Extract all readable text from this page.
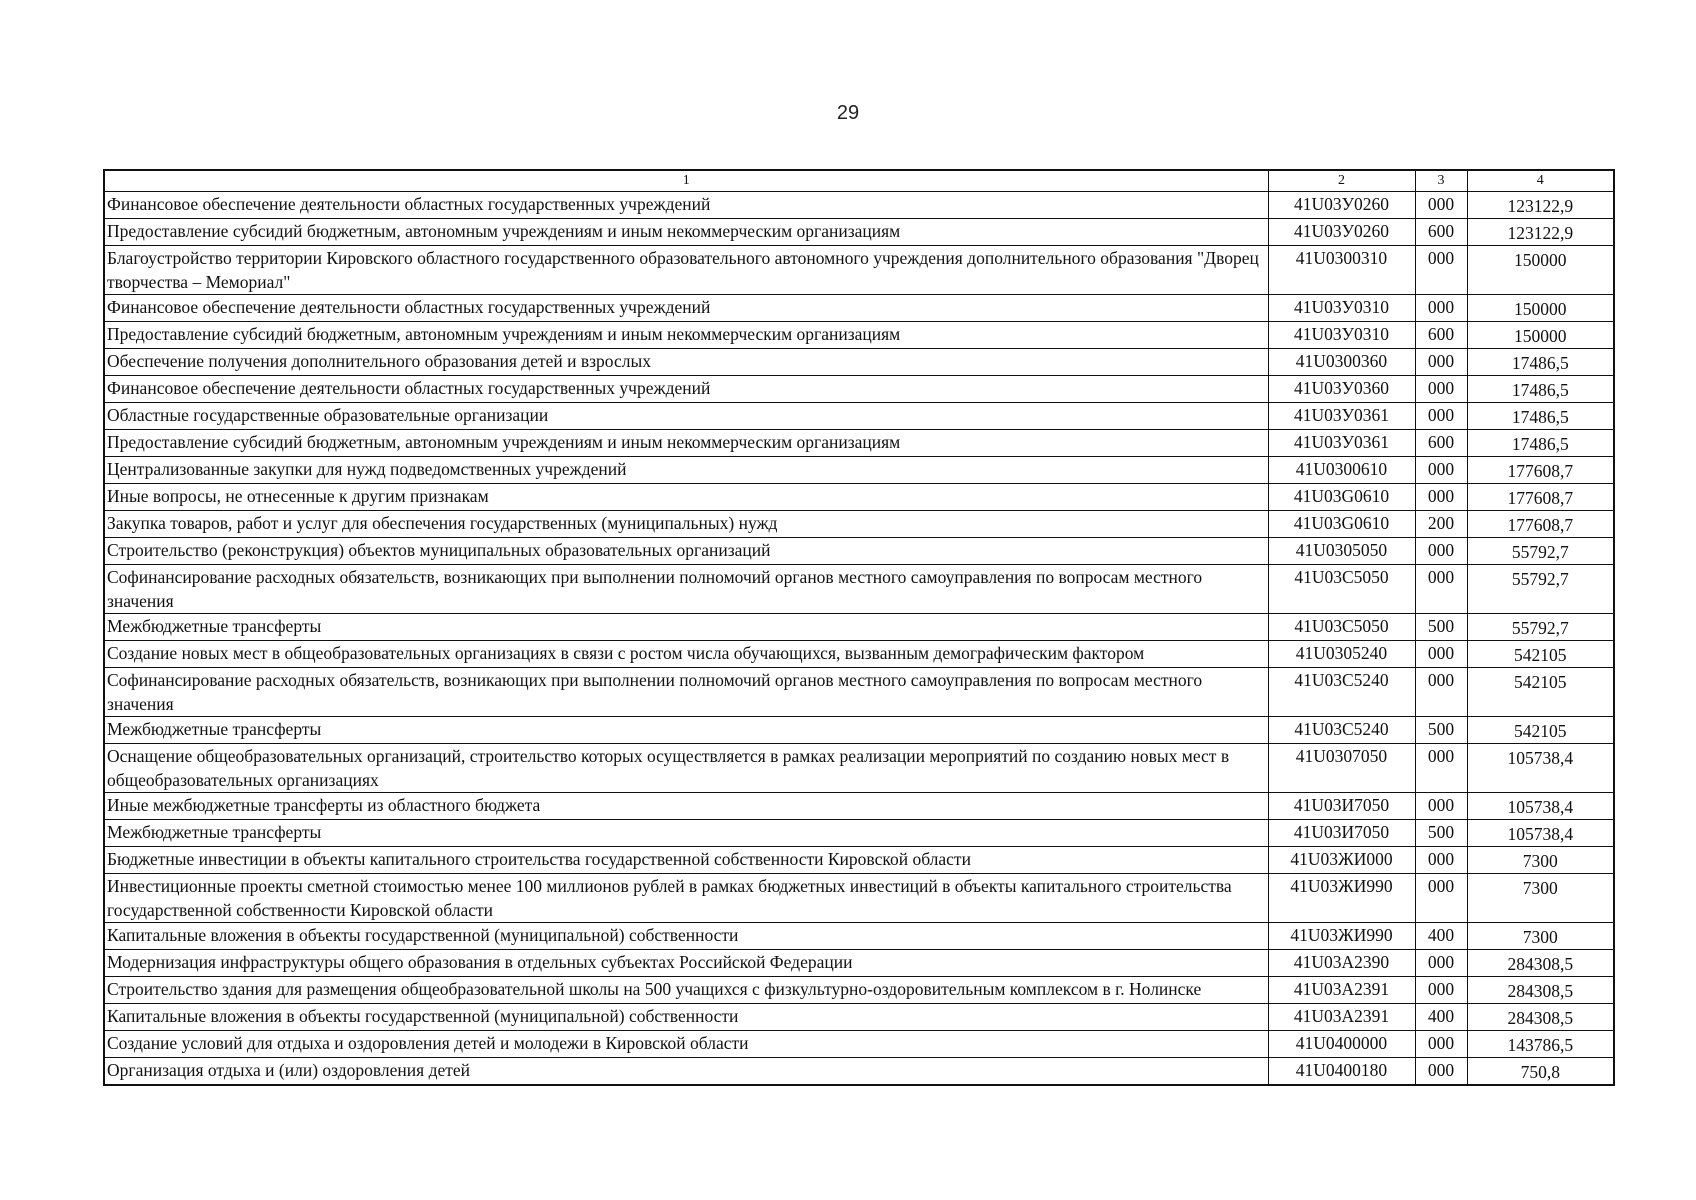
29
1	2	3	4
Финансовое обеспечение деятельности областных государственных учреждений	41U03У0260	000	123122,9
Предоставление субсидий бюджетным, автономным учреждениям и иным некоммерческим организациям	41U03У0260	600	123122,9
Благоустройство территории Кировского областного государственного образовательного автономного учреждения дополнительного образования "Дворец творчества – Мемориал"	41U0300310	000	150000
Финансовое обеспечение деятельности областных государственных учреждений	41U03У0310	000	150000
Предоставление субсидий бюджетным, автономным учреждениям и иным некоммерческим организациям	41U03У0310	600	150000
Обеспечение получения дополнительного образования детей и взрослых	41U0300360	000	17486,5
Финансовое обеспечение деятельности областных государственных учреждений	41U03У0360	000	17486,5
Областные государственные образовательные организации	41U03У0361	000	17486,5
Предоставление субсидий бюджетным, автономным учреждениям и иным некоммерческим организациям	41U03У0361	600	17486,5
Централизованные закупки для нужд подведомственных учреждений	41U0300610	000	177608,7
Иные вопросы, не отнесенные к другим признакам	41U03G0610	000	177608,7
Закупка товаров, работ и услуг для обеспечения государственных (муниципальных) нужд	41U03G0610	200	177608,7
Строительство (реконструкция) объектов муниципальных образовательных организаций	41U0305050	000	55792,7
Софинансирование расходных обязательств, возникающих при выполнении полномочий органов местного самоуправления по вопросам местного значения	41U03C5050	000	55792,7
Межбюджетные трансферты	41U03C5050	500	55792,7
Создание новых мест в общеобразовательных организациях в связи с ростом числа обучающихся, вызванным демографическим фактором	41U0305240	000	542105
Софинансирование расходных обязательств, возникающих при выполнении полномочий органов местного самоуправления по вопросам местного значения	41U03C5240	000	542105
Межбюджетные трансферты	41U03C5240	500	542105
Оснащение общеобразовательных организаций, строительство которых осуществляется в рамках реализации мероприятий по созданию новых мест в общеобразовательных организациях	41U0307050	000	105738,4
Иные межбюджетные трансферты из областного бюджета	41U03И7050	000	105738,4
Межбюджетные трансферты	41U03И7050	500	105738,4
Бюджетные инвестиции в объекты капитального строительства государственной собственности Кировской области	41U03ЖИ000	000	7300
Инвестиционные проекты сметной стоимостью менее 100 миллионов рублей в рамках бюджетных инвестиций в объекты капитального строительства государственной собственности Кировской области	41U03ЖИ990	000	7300
Капитальные вложения в объекты государственной (муниципальной) собственности	41U03ЖИ990	400	7300
Модернизация инфраструктуры общего образования в отдельных субъектах Российской Федерации	41U03A2390	000	284308,5
Строительство здания для размещения общеобразовательной школы на 500 учащихся с физкультурно-оздоровительным комплексом в г. Нолинске	41U03A2391	000	284308,5
Капитальные вложения в объекты государственной (муниципальной) собственности	41U03A2391	400	284308,5
Создание условий для отдыха и оздоровления детей и молодежи в Кировской области	41U0400000	000	143786,5
Организация отдыха и (или) оздоровления детей	41U0400180	000	750,8
